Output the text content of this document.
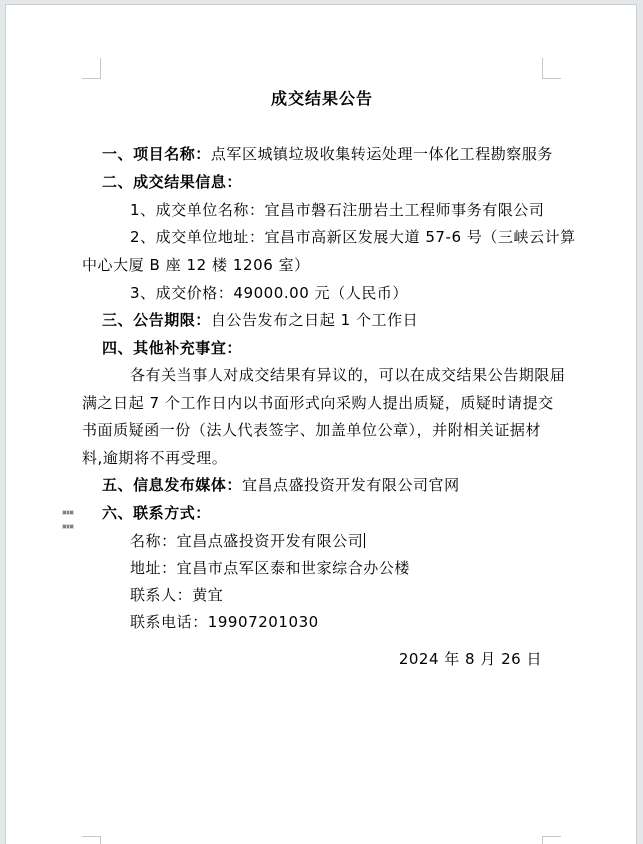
成交结果公告
一、项目名称：点军区城镇垃圾收集转运处理一体化工程勘察服务
二、成交结果信息：
1、成交单位名称：宜昌市磐石注册岩土工程师事务有限公司
2、成交单位地址：宜昌市高新区发展大道 57-6 号（三峡云计算
中心大厦 B 座 12 楼 1206 室）
3、成交价格：49000.00 元（人民币）
三、公告期限：自公告发布之日起 1 个工作日
四、其他补充事宜：
各有关当事人对成交结果有异议的，可以在成交结果公告期限届
满之日起 7 个工作日内以书面形式向采购人提出质疑，质疑时请提交
书面质疑函一份（法人代表签字、加盖单位公章），并附相关证据材
料,逾期将不再受理。
五、信息发布媒体：宜昌点盛投资开发有限公司官网
六、联系方式：
名称：宜昌点盛投资开发有限公司
地址：宜昌市点军区泰和世家综合办公楼
联系人：黄宜
联系电话：19907201030
2024 年 8 月 26 日
